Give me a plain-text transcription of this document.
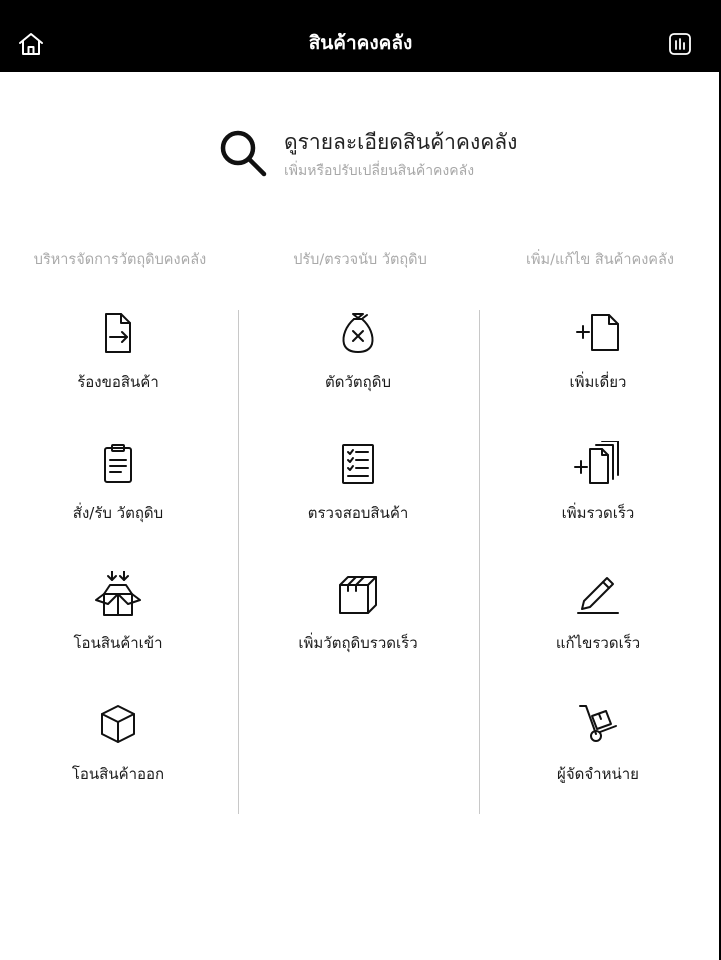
สินค้าคงคลัง
ดูรายละเอียดสินค้าคงคลัง
เพิ่มหรือปรับเปลี่ยนสินค้าคงคลัง
บริหารจัดการวัตถุดิบคงคลัง	ปรับ/ตรวจนับ วัตถุดิบ	เพิ่ม/แก้ไข สินค้าคงคลัง
ร้องขอสินค้า
สั่ง/รับ วัตถุดิบ
โอนสินค้าเข้า
โอนสินค้าออก
ตัดวัตถุดิบ
ตรวจสอบสินค้า
เพิ่มวัตถุดิบรวดเร็ว
เพิ่มเดี่ยว
เพิ่มรวดเร็ว
แก้ไขรวดเร็ว
ผู้จัดจำหน่าย
